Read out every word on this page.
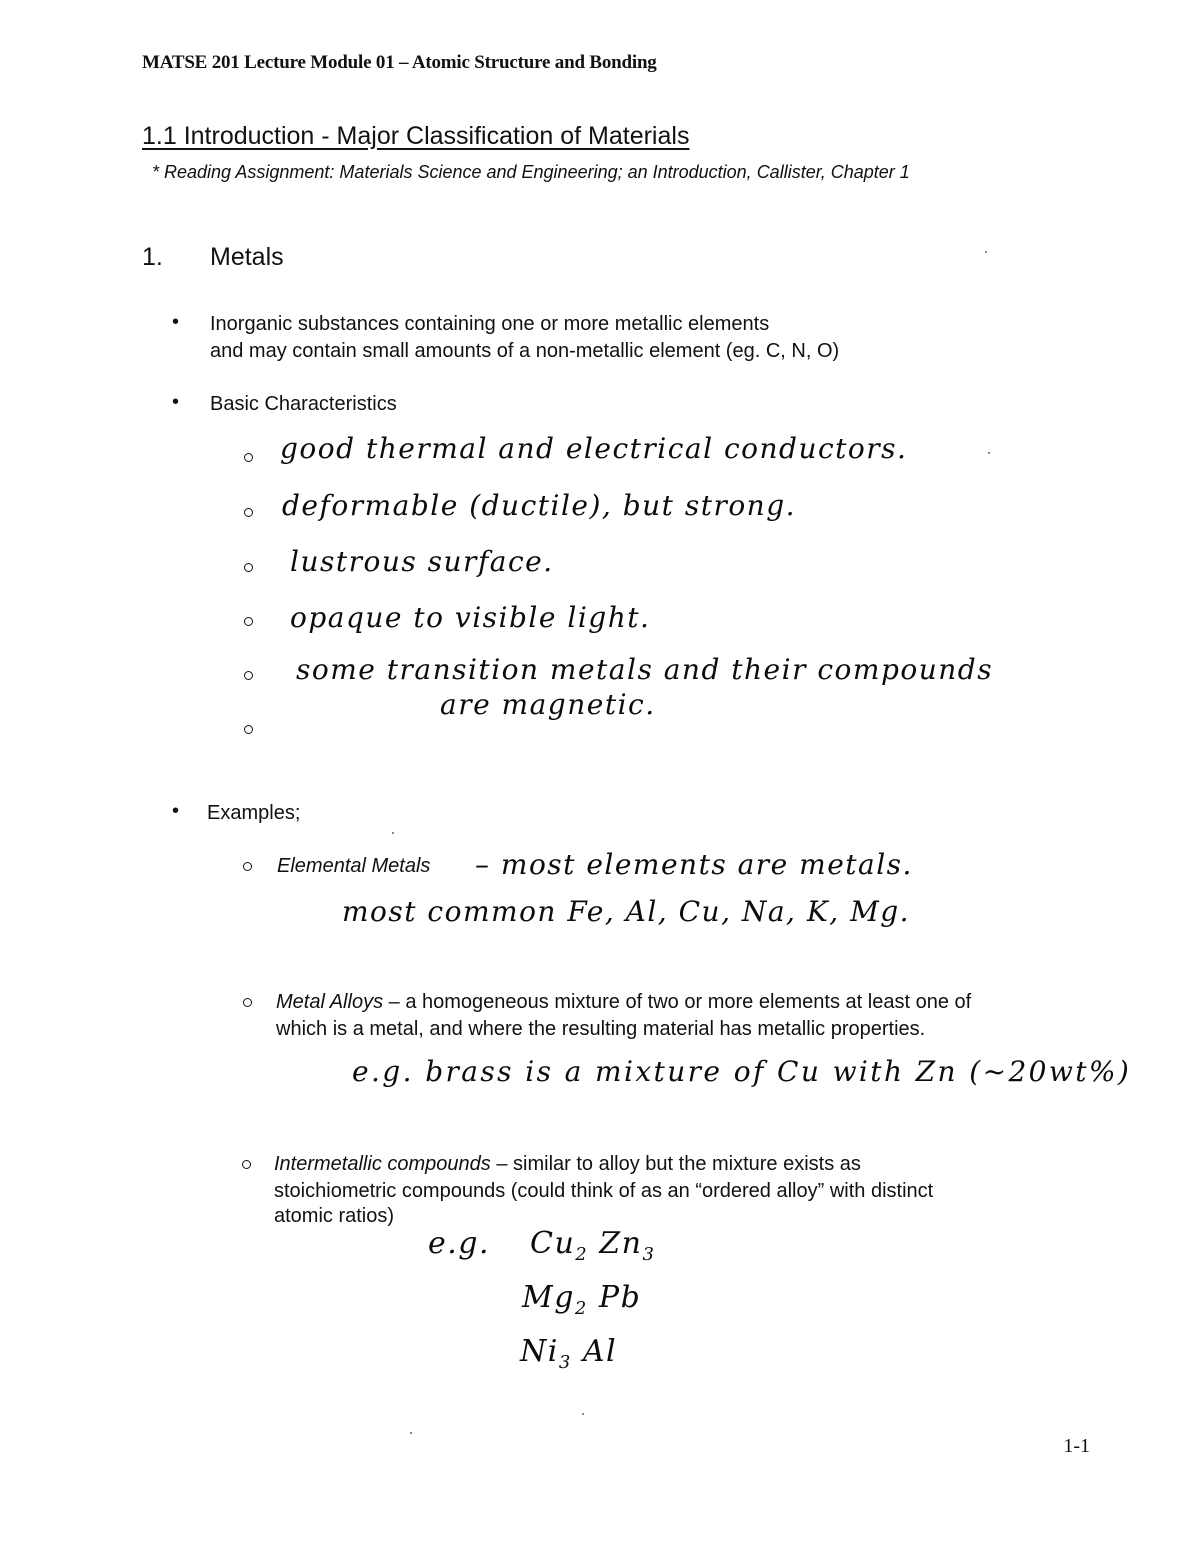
MATSE 201 Lecture Module 01 – Atomic Structure and Bonding
1.1 Introduction - Major Classification of Materials
* Reading Assignment: Materials Science and Engineering; an Introduction, Callister, Chapter 1
1. Metals
• Inorganic substances containing one or more metallic elements
and may contain small amounts of a non-metallic element (eg. C, N, O)
• Basic Characteristics
good thermal and electrical conductors.
deformable (ductile), but strong.
lustrous surface.
opaque to visible light.
some transition metals and their compounds
are magnetic.
• Examples;
Elemental Metals – most elements are metals.
most common Fe, Al, Cu, Na, K, Mg.
Metal Alloys – a homogeneous mixture of two or more elements at least one of
which is a metal, and where the resulting material has metallic properties.
e.g. brass is a mixture of Cu with Zn (~20wt%)
Intermetallic compounds – similar to alloy but the mixture exists as
stoichiometric compounds (could think of as an “ordered alloy” with distinct
atomic ratios)
e.g. $Cu_2$ $Zn_3$
$Mg_2$ Pb
$Ni_3$ Al
1-1
